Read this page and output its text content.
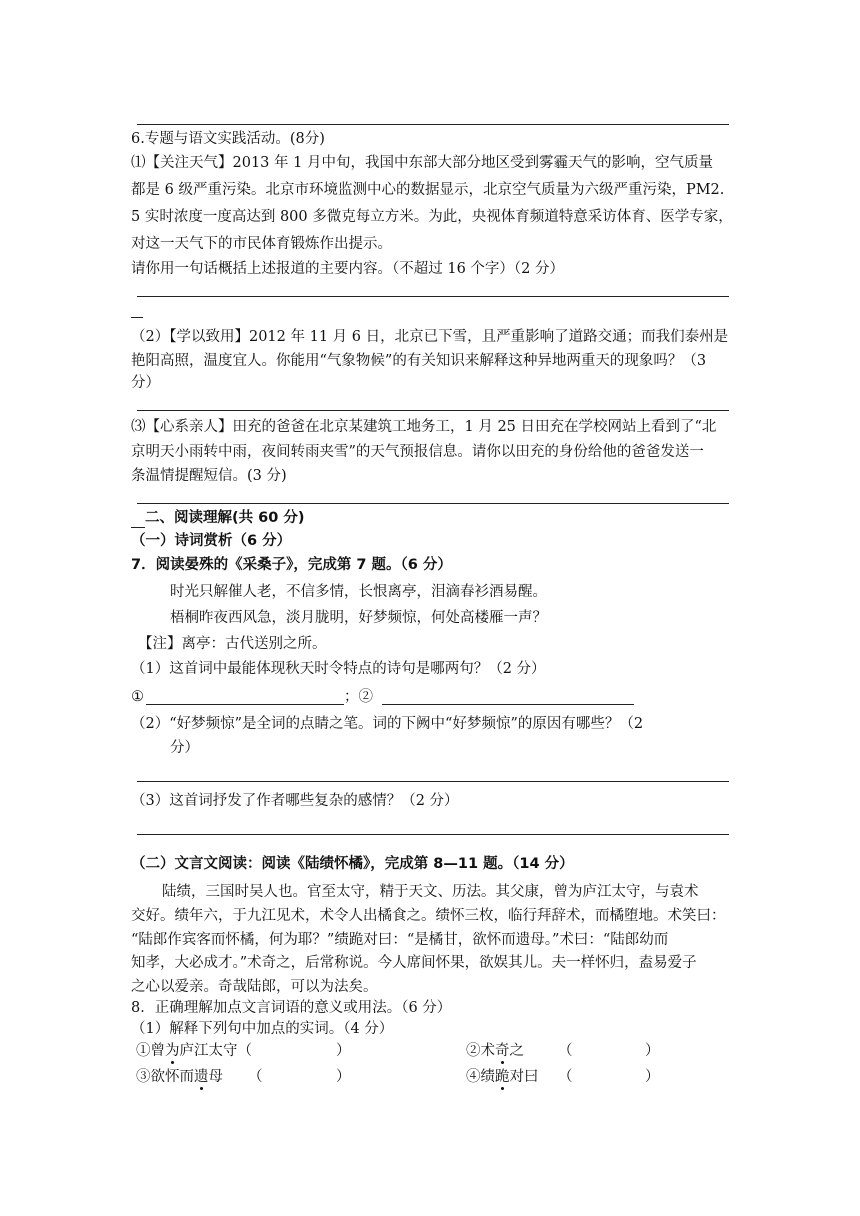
6.专题与语文实践活动。(8分)
⑴【关注天气】2013 年 1 月中旬，我国中东部大部分地区受到雾霾天气的影响，空气质量
都是 6 级严重污染。北京市环境监测中心的数据显示，北京空气质量为六级严重污染，PM2.
5 实时浓度一度高达到 800 多微克每立方米。为此，央视体育频道特意采访体育、医学专家，
对这一天气下的市民体育锻炼作出提示。
请你用一句话概括上述报道的主要内容。（不超过 16 个字）（2 分）
（2）【学以致用】2012 年 11 月 6 日，北京已下雪，且严重影响了道路交通；而我们泰州是
艳阳高照，温度宜人。你能用“气象物候”的有关知识来解释这种异地两重天的现象吗？（3
分）
⑶【心系亲人】田充的爸爸在北京某建筑工地务工，1 月 25 日田充在学校网站上看到了“北
京明天小雨转中雨，夜间转雨夹雪”的天气预报信息。请你以田充的身份给他的爸爸发送一
条温情提醒短信。(3 分)
二、阅读理解(共 60 分)
（一）诗词赏析（6 分）
7．阅读晏殊的《采桑子》，完成第 7 题。（6 分）
时光只解催人老，不信多情，长恨离亭，泪滴春衫酒易醒。
梧桐昨夜西风急，淡月胧明，好梦频惊，何处高楼雁一声？
【注】离亭：古代送别之所。
（1）这首词中最能体现秋天时令特点的诗句是哪两句？（2 分）
①	；②
（2）“好梦频惊”是全词的点睛之笔。词的下阙中“好梦频惊”的原因有哪些？（2
分）
（3）这首词抒发了作者哪些复杂的感情？（2 分）
（二）文言文阅读：阅读《陆绩怀橘》，完成第 8—11 题。（14 分）
陆绩，三国时吴人也。官至太守，精于天文、历法。其父康，曾为庐江太守，与袁术
交好。绩年六，于九江见术，术令人出橘食之。绩怀三枚，临行拜辞术，而橘堕地。术笑曰：
“陆郎作宾客而怀橘，何为耶？”绩跪对曰：“是橘甘，欲怀而遗母。”术曰：“陆郎幼而
知孝，大必成才。”术奇之，后常称说。今人席间怀果，欲娱其儿。夫一样怀归，盍易爱子
之心以爱亲。奇哉陆郎，可以为法矣。
8．正确理解加点文言词语的意义或用法。（6 分）
（1）解释下列句中加点的实词。（4 分）
①曾为庐江太守（	）	②术奇之 （	）
③欲怀而遗母 （	）	④绩跪对曰 （	）
